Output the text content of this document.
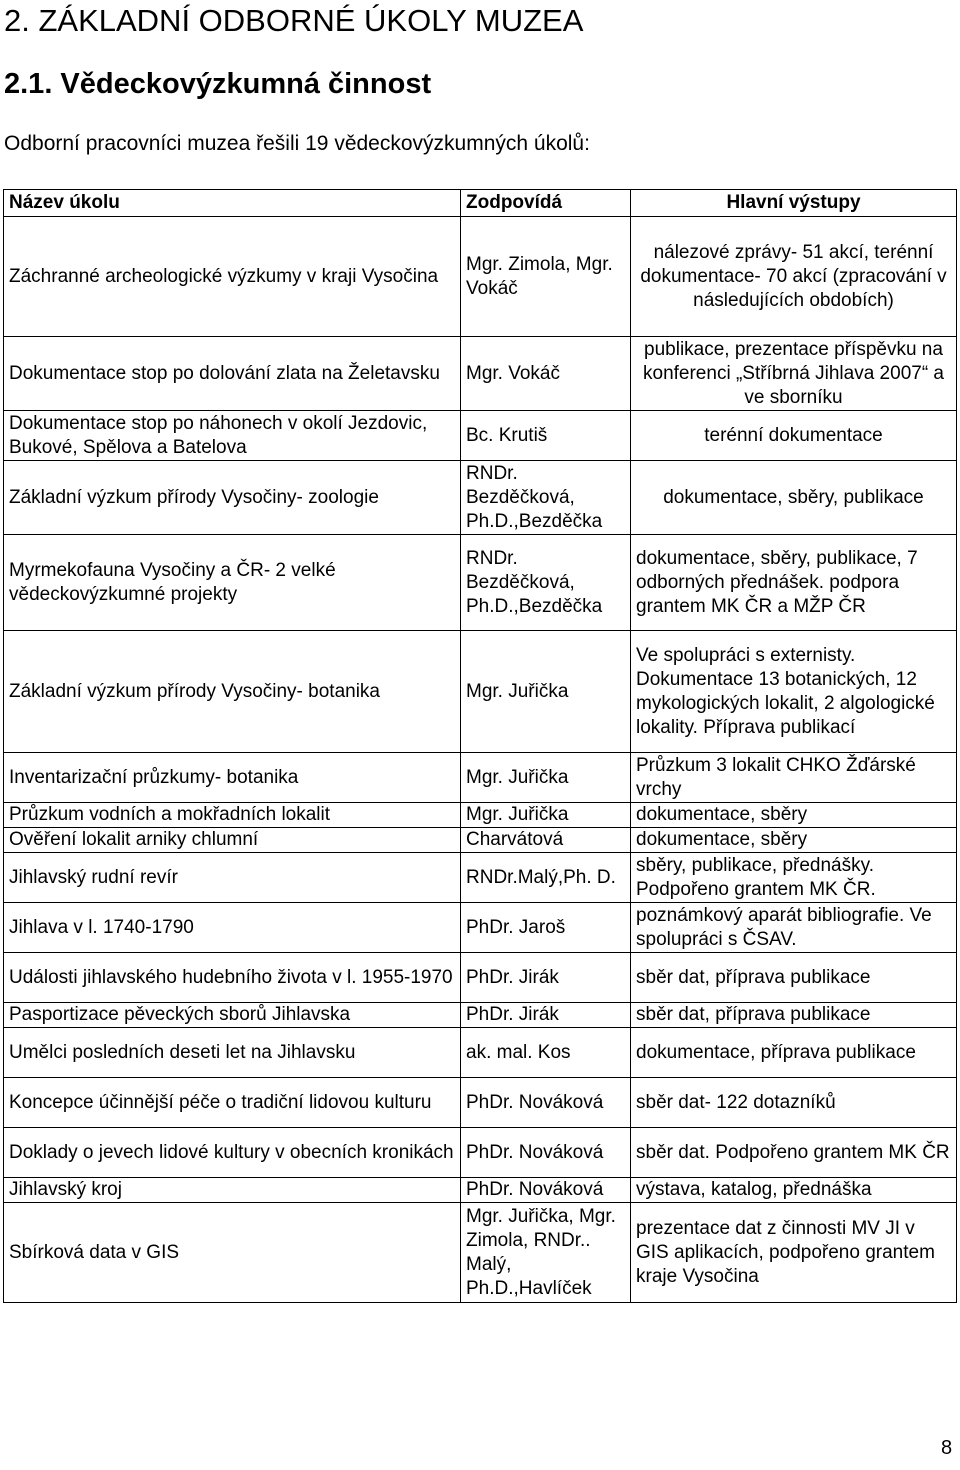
2. ZÁKLADNÍ ODBORNÉ ÚKOLY MUZEA
2.1. Vědeckovýzkumná činnost

Odborní pracovníci muzea řešili 19 vědeckovýzkumných úkolů:

Název úkolu	Zodpovídá	Hlavní výstupy
Záchranné archeologické výzkumy v kraji Vysočina	Mgr. Zimola, Mgr. Vokáč	nálezové zprávy- 51 akcí, terénní dokumentace- 70 akcí (zpracování v následujících obdobích)
Dokumentace stop po dolování zlata na Želetavsku	Mgr. Vokáč	publikace, prezentace příspěvku na konferenci „Stříbrná Jihlava 2007“ a ve sborníku
Dokumentace stop po náhonech v okolí Jezdovic, Bukové, Spělova a Batelova	Bc. Krutiš	terénní dokumentace
Základní výzkum přírody Vysočiny- zoologie	RNDr. Bezděčková, Ph.D.,Bezděčka	dokumentace, sběry, publikace
Myrmekofauna Vysočiny a ČR- 2 velké vědeckovýzkumné projekty	RNDr. Bezděčková, Ph.D.,Bezděčka	dokumentace, sběry, publikace, 7 odborných přednášek. podpora grantem MK ČR a MŽP ČR
Základní výzkum přírody Vysočiny- botanika	Mgr. Juřička	Ve spolupráci s externisty. Dokumentace 13 botanických, 12 mykologických lokalit, 2 algologické lokality. Příprava publikací
Inventarizační průzkumy- botanika	Mgr. Juřička	Průzkum 3 lokalit CHKO Žďárské vrchy
Průzkum vodních a mokřadních lokalit	Mgr. Juřička	dokumentace, sběry
Ověření lokalit arniky chlumní	Charvátová	dokumentace, sběry
Jihlavský rudní revír	RNDr.Malý,Ph. D.	sběry, publikace, přednášky. Podpořeno grantem MK ČR.
Jihlava v l. 1740-1790	PhDr. Jaroš	poznámkový aparát bibliografie. Ve spolupráci s ČSAV.
Události jihlavského hudebního života v l. 1955-1970	PhDr. Jirák	sběr dat, příprava publikace
Pasportizace pěveckých sborů Jihlavska	PhDr. Jirák	sběr dat, příprava publikace
Umělci posledních deseti let na Jihlavsku	ak. mal. Kos	dokumentace, příprava publikace
Koncepce účinnější péče o tradiční lidovou kulturu	PhDr. Nováková	sběr dat- 122 dotazníků
Doklady o jevech lidové kultury v obecních kronikách	PhDr. Nováková	sběr dat. Podpořeno grantem MK ČR
Jihlavský kroj	PhDr. Nováková	výstava, katalog, přednáška
Sbírková data v GIS	Mgr. Juřička, Mgr. Zimola, RNDr.. Malý, Ph.D.,Havlíček	prezentace dat z činnosti MV JI v GIS aplikacích, podpořeno grantem kraje Vysočina
8
